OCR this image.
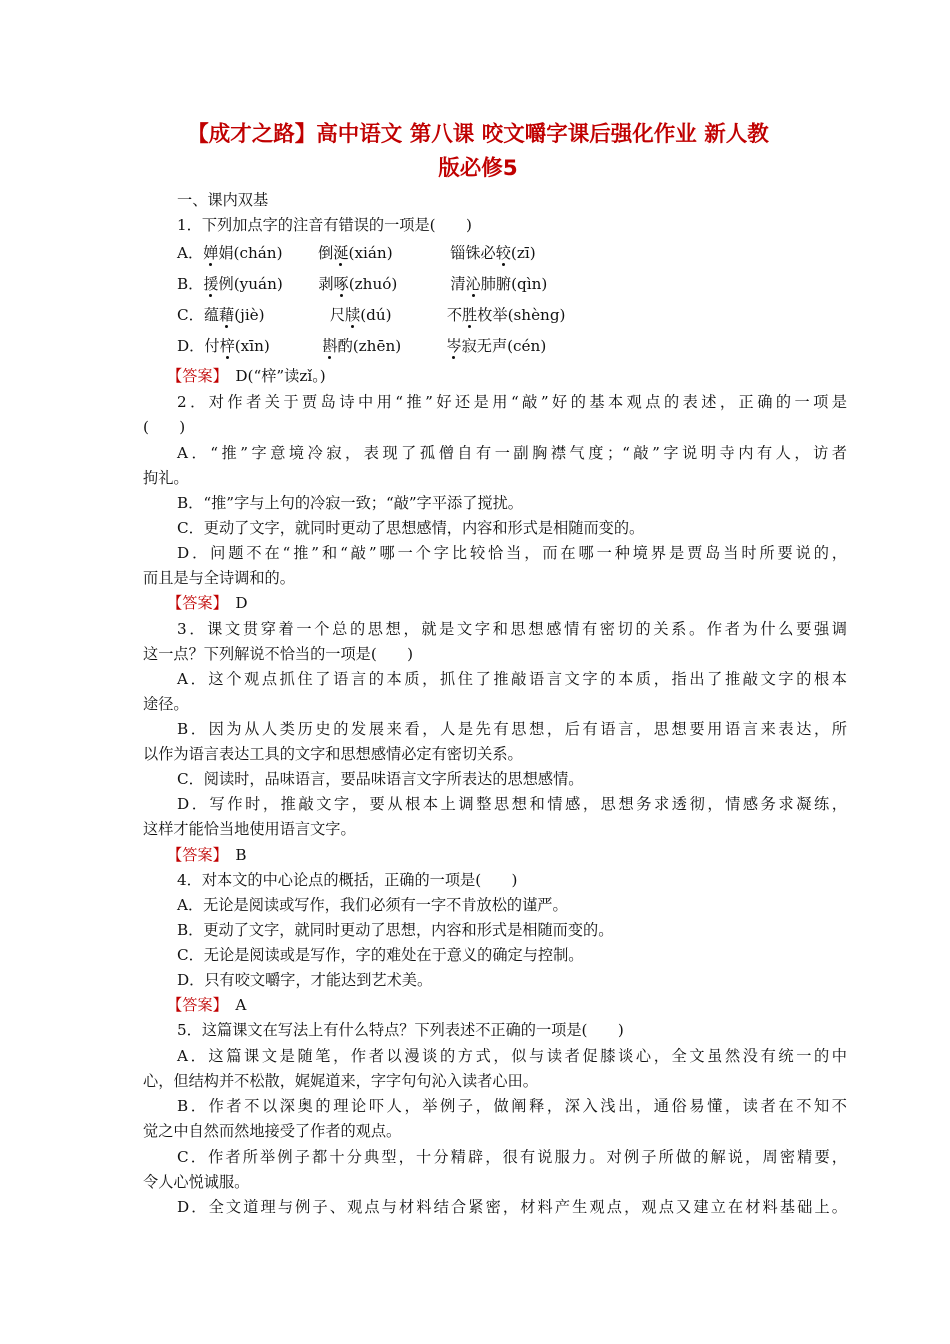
【成才之路】高中语文 第八课 咬文嚼字课后强化作业 新人教
版必修5
一、课内双基
1．下列加点字的注音有错误的一项是(　　)
A．婵娟(chán) 倒涎(xián)	锱铢必较(zī)
B．援例(yuán) 剥啄(zhuó)	清沁肺腑(qìn)
C．蕴藉(jiè)	尺牍(dú)	不胜枚举(shèng)
D．付梓(xīn)	斟酌(zhēn)	岑寂无声(cén)
【答案】　 D(“梓”读zǐ。)
2．对作者关于贾岛诗中用“推”好还是用“敲”好的基本观点的表述，正确的一项是
(　　)
A．“推”字意境冷寂，表现了孤僧自有一副胸襟气度；“敲”字说明寺内有人，访者
拘礼。
B．“推”字与上句的冷寂一致；“敲”字平添了搅扰。
C．更动了文字，就同时更动了思想感情，内容和形式是相随而变的。
D．问题不在“推”和“敲”哪一个字比较恰当，而在哪一种境界是贾岛当时所要说的，
而且是与全诗调和的。
【答案】　 D
3．课文贯穿着一个总的思想，就是文字和思想感情有密切的关系。作者为什么要强调
这一点？下列解说不恰当的一项是(　　)
A．这个观点抓住了语言的本质，抓住了推敲语言文字的本质，指出了推敲文字的根本
途径。
B．因为从人类历史的发展来看，人是先有思想，后有语言，思想要用语言来表达，所
以作为语言表达工具的文字和思想感情必定有密切关系。
C．阅读时，品味语言，要品味语言文字所表达的思想感情。
D．写作时，推敲文字，要从根本上调整思想和情感，思想务求透彻，情感务求凝练，
这样才能恰当地使用语言文字。
【答案】　 B
4．对本文的中心论点的概括，正确的一项是(　　)
A．无论是阅读或写作，我们必须有一字不肯放松的谨严。
B．更动了文字，就同时更动了思想，内容和形式是相随而变的。
C．无论是阅读或是写作，字的难处在于意义的确定与控制。
D．只有咬文嚼字，才能达到艺术美。
【答案】　 A
5．这篇课文在写法上有什么特点？下列表述不正确的一项是(　　)
A．这篇课文是随笔，作者以漫谈的方式，似与读者促膝谈心，全文虽然没有统一的中
心，但结构并不松散，娓娓道来，字字句句沁入读者心田。
B．作者不以深奥的理论吓人，举例子，做阐释，深入浅出，通俗易懂，读者在不知不
觉之中自然而然地接受了作者的观点。
C．作者所举例子都十分典型，十分精辟，很有说服力。对例子所做的解说，周密精要，
令人心悦诚服。
D．全文道理与例子、观点与材料结合紧密，材料产生观点，观点又建立在材料基础上。
